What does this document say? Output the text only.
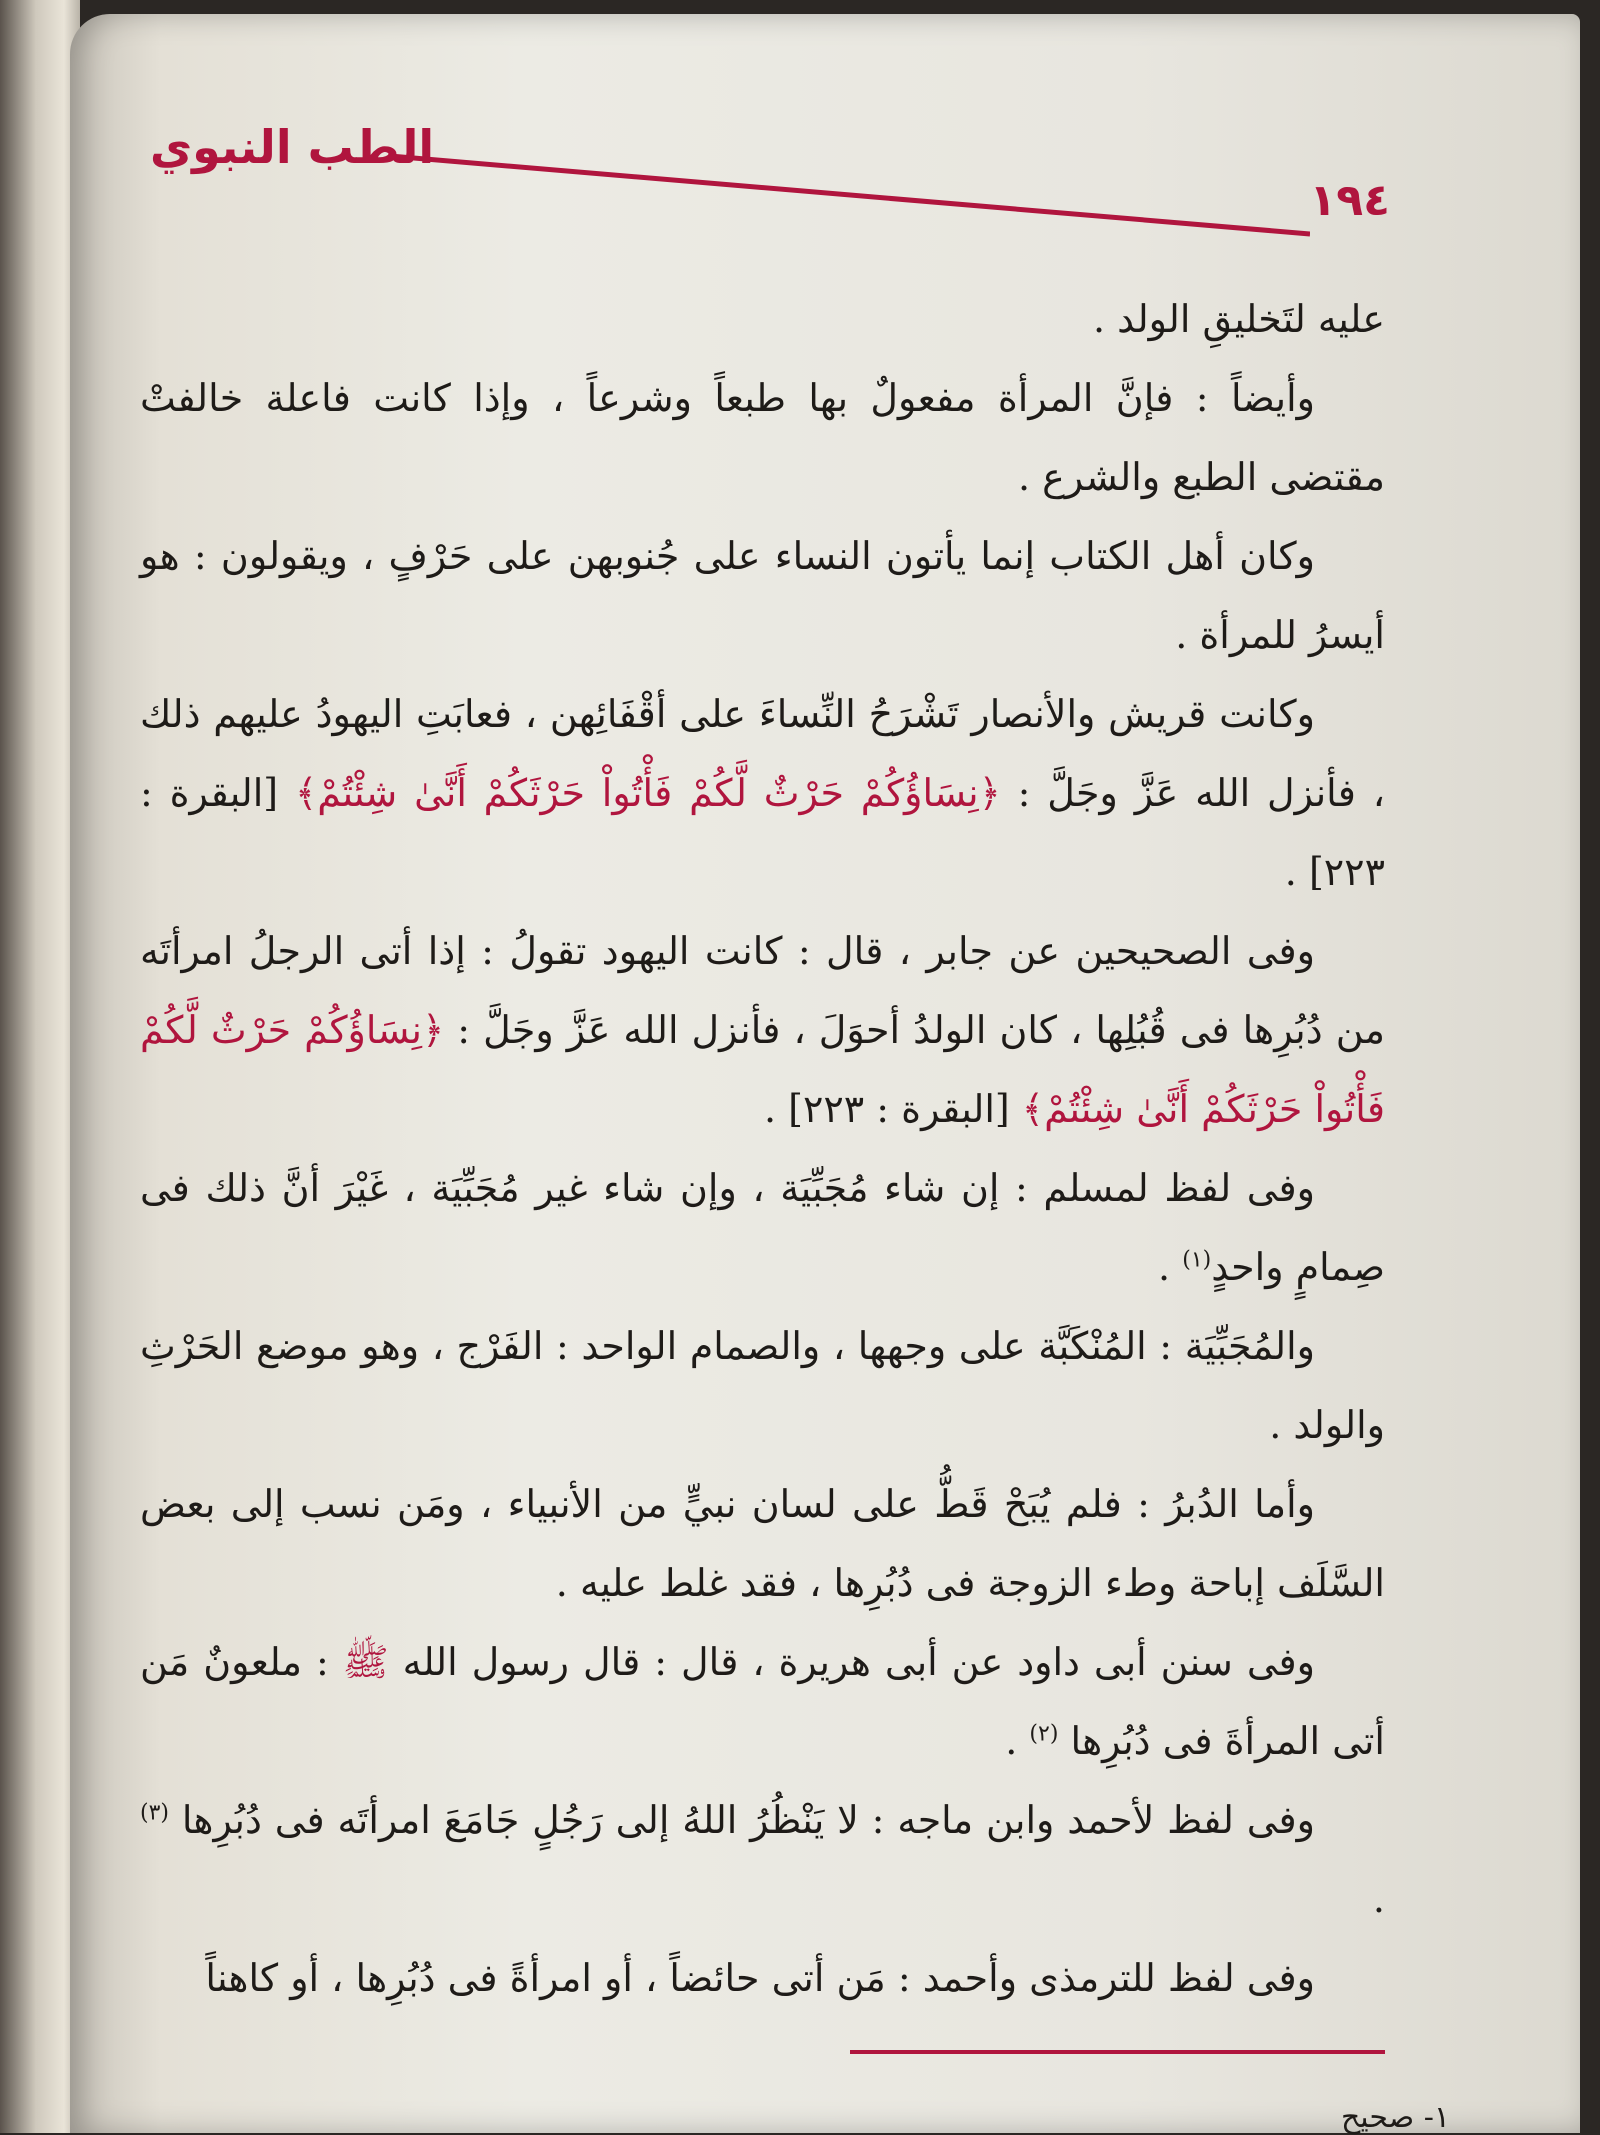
الطب النبوي
١٩٤

عليه لتَخليقِ الولد .

وأيضاً : فإنَّ المرأة مفعولٌ بها طبعاً وشرعاً ، وإذا كانت فاعلة خالفتْ مقتضى الطبع والشرع .

وكان أهل الكتاب إنما يأتون النساء على جُنوبهن على حَرْفٍ ، ويقولون : هو أيسرُ للمرأة .

وكانت قريش والأنصار تَشْرَحُ النِّساءَ على أقْفَائِهن ، فعابَتِ اليهودُ عليهم ذلك ، فأنزل الله عَزَّ وجَلَّ : ﴿نِسَاؤُكُمْ حَرْثٌ لَّكُمْ فَأْتُواْ حَرْثَكُمْ أَنَّىٰ شِئْتُمْ﴾ [البقرة : ٢٢٣] .

وفى الصحيحين عن جابر ، قال : كانت اليهود تقولُ : إذا أتى الرجلُ امرأتَه من دُبُرِها فى قُبُلِها ، كان الولدُ أحوَلَ ، فأنزل الله عَزَّ وجَلَّ : ﴿نِسَاؤُكُمْ حَرْثٌ لَّكُمْ فَأْتُواْ حَرْثَكُمْ أَنَّىٰ شِئْتُمْ﴾ [البقرة : ٢٢٣] .

وفى لفظ لمسلم : إن شاء مُجَبِّيَة ، وإن شاء غير مُجَبِّيَة ، غَيْرَ أنَّ ذلك فى صِمامٍ واحدٍ$^{(١)}$ .

والمُجَبِّيَة : المُنْكَبَّة على وجهها ، والصمام الواحد : الفَرْج ، وهو موضع الحَرْثِ والولد .

وأما الدُبرُ : فلم يُبَحْ قَطُّ على لسان نبيٍّ من الأنبياء ، ومَن نسب إلى بعض السَّلَف إباحة وطء الزوجة فى دُبُرِها ، فقد غلط عليه .

وفى سنن أبى داود عن أبى هريرة ، قال : قال رسول الله ﷺ : ملعونٌ مَن أتى المرأةَ فى دُبُرِها $^{(٢)}$ .

وفى لفظ لأحمد وابن ماجه : لا يَنْظُرُ اللهُ إلى رَجُلٍ جَامَعَ امرأتَه فى دُبُرِها $^{(٣)}$ .

وفى لفظ للترمذى وأحمد : مَن أتى حائضاً ، أو امرأةً فى دُبُرِها ، أو كاهناً

١- صحيح
